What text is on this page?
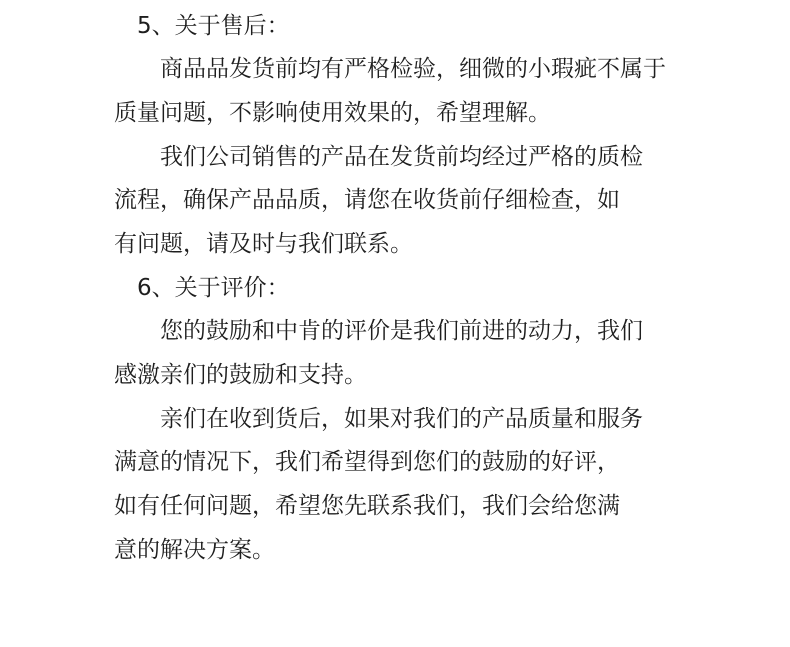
5、关于售后：

商品品发货前均有严格检验，细微的小瑕疵不属于
质量问题，不影响使用效果的，希望理解。

我们公司销售的产品在发货前均经过严格的质检
流程，确保产品品质，请您在收货前仔细检查，如
有问题，请及时与我们联系。

6、关于评价：

您的鼓励和中肯的评价是我们前进的动力，我们
感激亲们的鼓励和支持。

亲们在收到货后，如果对我们的产品质量和服务
满意的情况下，我们希望得到您们的鼓励的好评，
如有任何问题，希望您先联系我们，我们会给您满
意的解决方案。
